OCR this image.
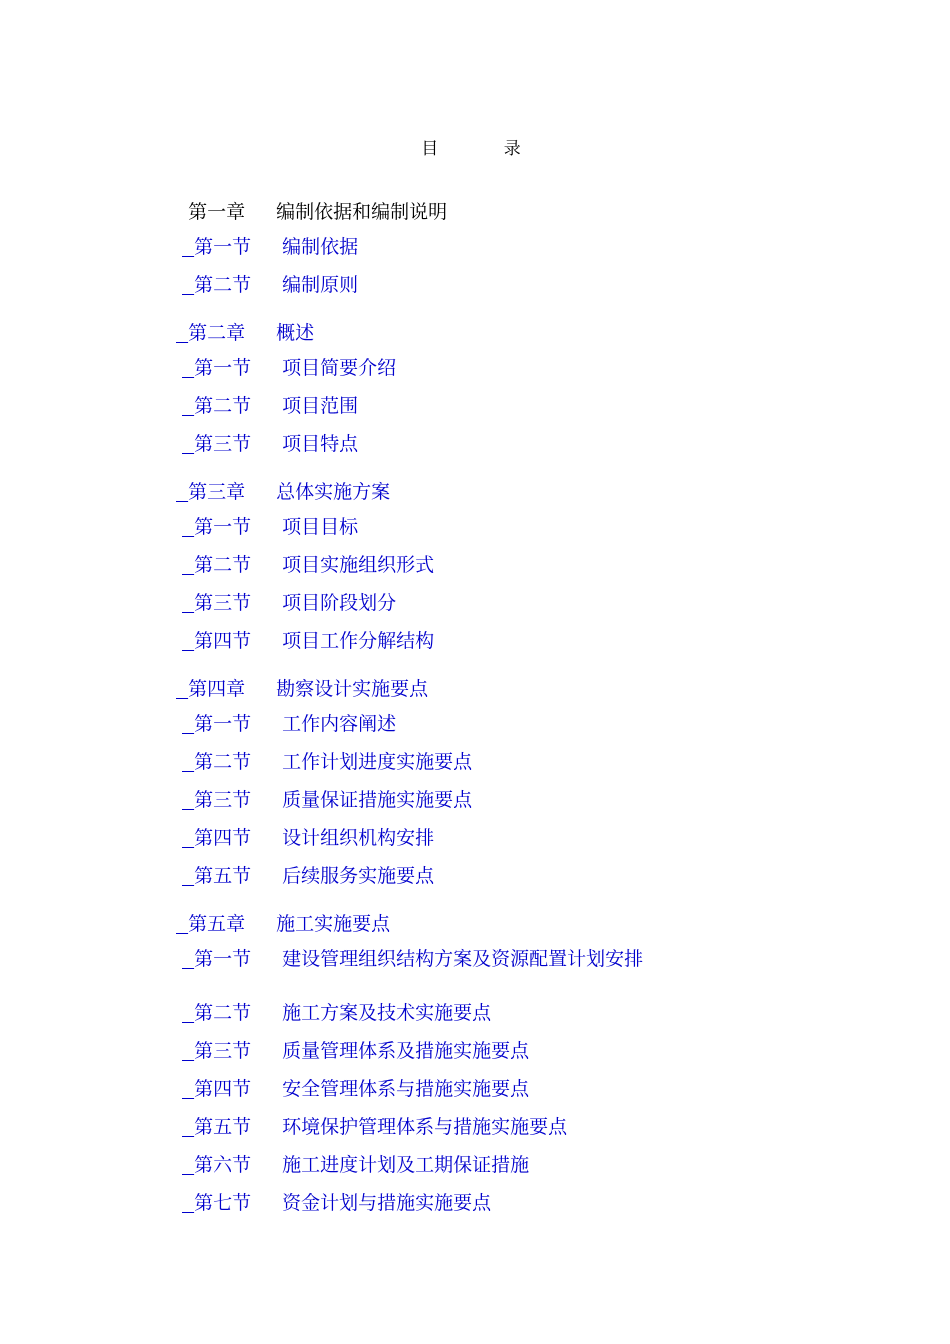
目 录

第一章 编制依据和编制说明

第一节 编制依据

第二节 编制原则

第二章 概述

第一节 项目简要介绍

第二节 项目范围

第三节 项目特点

第三章 总体实施方案

第一节 项目目标

第二节 项目实施组织形式

第三节 项目阶段划分

第四节 项目工作分解结构

第四章 勘察设计实施要点

第一节 工作内容阐述

第二节 工作计划进度实施要点

第三节 质量保证措施实施要点

第四节 设计组织机构安排

第五节 后续服务实施要点

第五章 施工实施要点

第一节 建设管理组织结构方案及资源配置计划安排

第二节 施工方案及技术实施要点

第三节 质量管理体系及措施实施要点

第四节 安全管理体系与措施实施要点

第五节 环境保护管理体系与措施实施要点

第六节 施工进度计划及工期保证措施

第七节 资金计划与措施实施要点
